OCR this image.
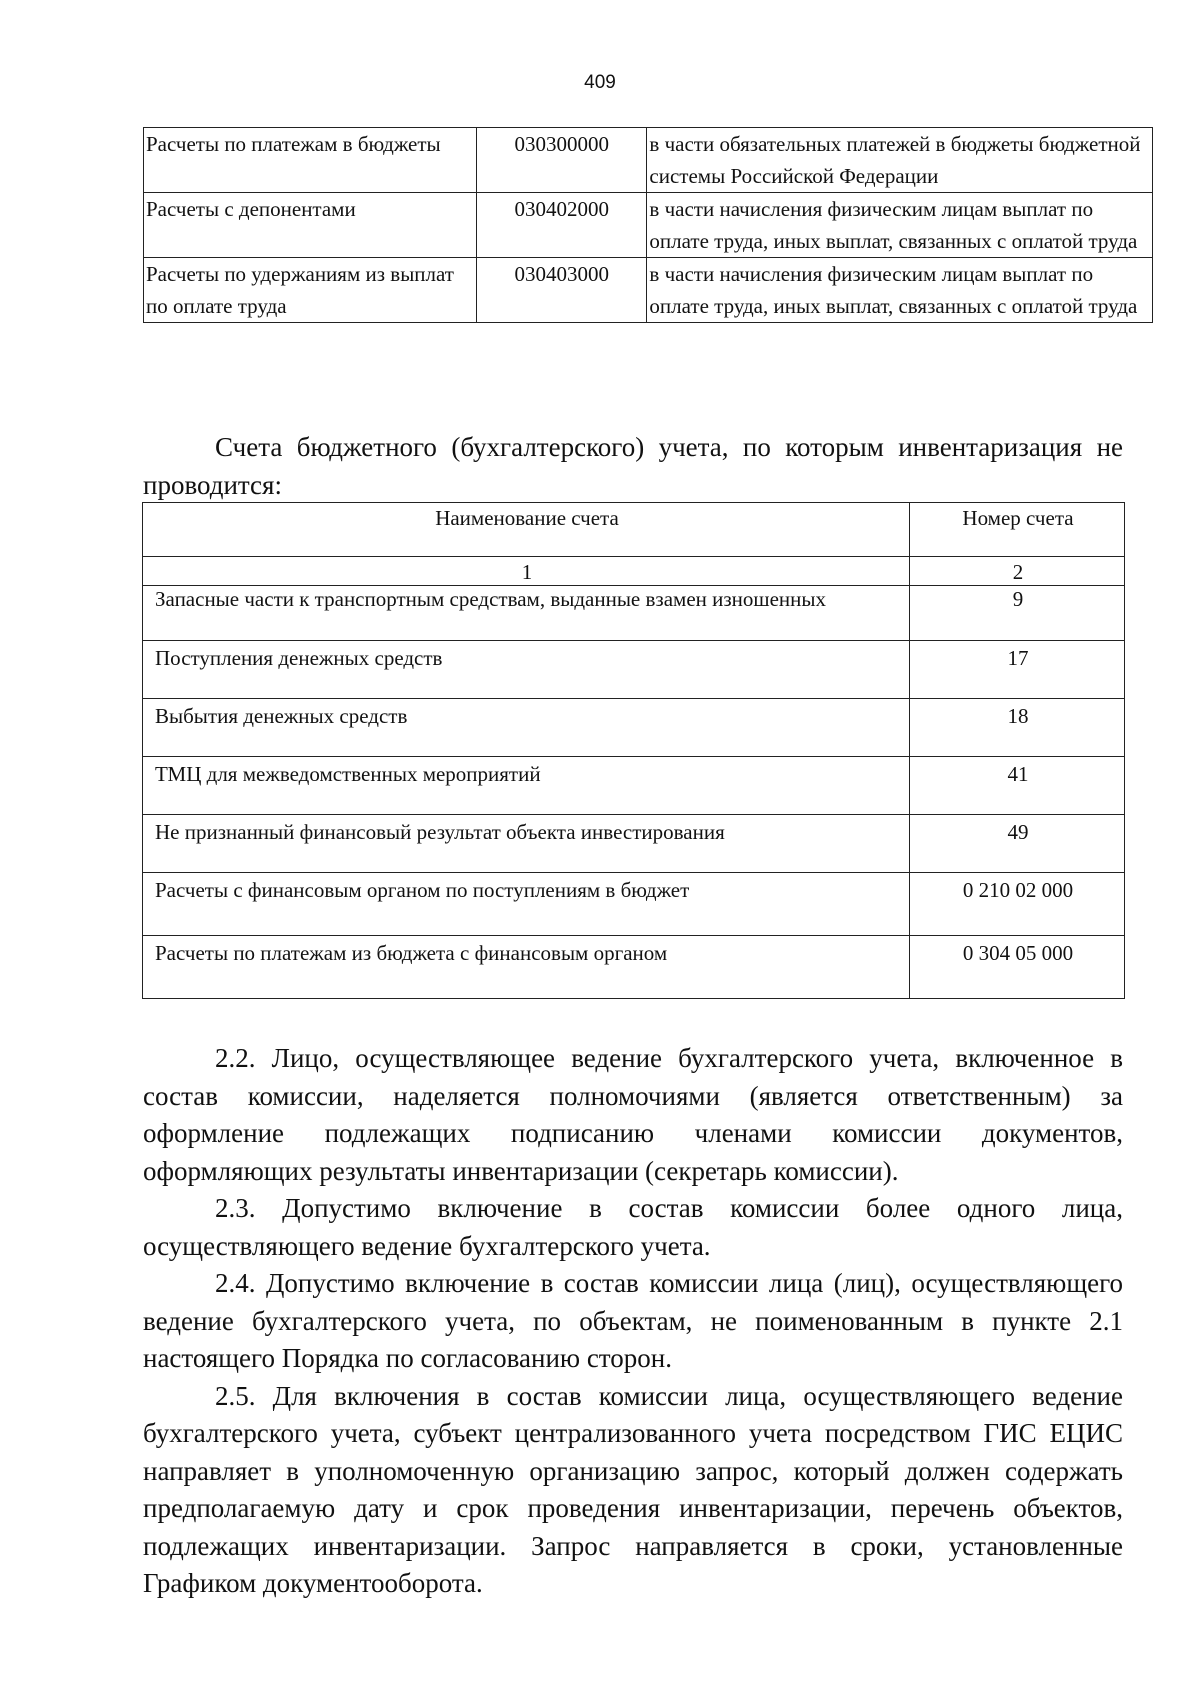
409
Расчеты по платежам в бюджеты	030300000	в части обязательных платежей в бюджеты бюджетной системы Российской Федерации
Расчеты с депонентами	030402000	в части начисления физическим лицам выплат по оплате труда, иных выплат, связанных с оплатой труда
Расчеты по удержаниям из выплат по оплате труда	030403000	в части начисления физическим лицам выплат по оплате труда, иных выплат, связанных с оплатой труда

Счета бюджетного (бухгалтерского) учета, по которым инвентаризация не проводится:

Наименование счета	Номер счета
1	2
Запасные части к транспортным средствам, выданные взамен изношенных	9
Поступления денежных средств	17
Выбытия денежных средств	18
ТМЦ для межведомственных мероприятий	41
Не признанный финансовый результат объекта инвестирования	49
Расчеты с финансовым органом по поступлениям в бюджет	0 210 02 000
Расчеты по платежам из бюджета с финансовым органом	0 304 05 000

2.2. Лицо, осуществляющее ведение бухгалтерского учета, включенное в состав комиссии, наделяется полномочиями (является ответственным) за оформление подлежащих подписанию членами комиссии документов, оформляющих результаты инвентаризации (секретарь комиссии).

2.3. Допустимо включение в состав комиссии более одного лица, осуществляющего ведение бухгалтерского учета.

2.4. Допустимо включение в состав комиссии лица (лиц), осуществляющего ведение бухгалтерского учета, по объектам, не поименованным в пункте 2.1 настоящего Порядка по согласованию сторон.

2.5. Для включения в состав комиссии лица, осуществляющего ведение бухгалтерского учета, субъект централизованного учета посредством ГИС ЕЦИС направляет в уполномоченную организацию запрос, который должен содержать предполагаемую дату и срок проведения инвентаризации, перечень объектов, подлежащих инвентаризации. Запрос направляется в сроки, установленные Графиком документооборота.
